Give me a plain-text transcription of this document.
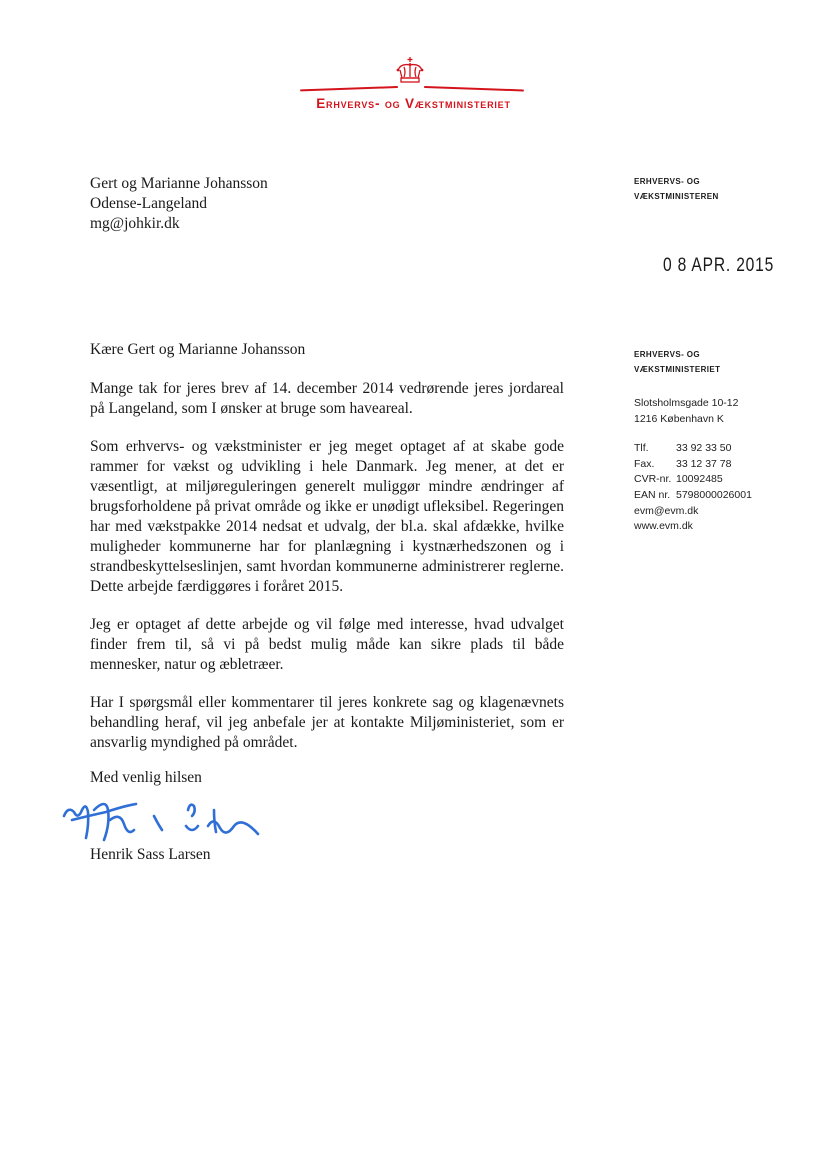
Erhvervs- og Vækstministeriet
Gert og Marianne Johansson
Odense-Langeland
mg@johkir.dk
ERHVERVS- OG
VÆKSTMINISTEREN
0 8 APR. 2015
ERHVERVS- OG
VÆKSTMINISTERIET
Slotsholmsgade 10-12
1216 København K
Tlf.	33 92 33 50
Fax.	33 12 37 78
CVR-nr. 10092485
EAN nr. 5798000026001
evm@evm.dk
www.evm.dk

Kære Gert og Marianne Johansson

Mange tak for jeres brev af 14. december 2014 vedrørende jeres jordareal på Langeland, som I ønsker at bruge som haveareal.

Som erhvervs- og vækstminister er jeg meget optaget af at skabe gode rammer for vækst og udvikling i hele Danmark. Jeg mener, at det er væsentligt, at miljøreguleringen generelt muliggør mindre ændringer af brugsforholdene på privat område og ikke er unødigt ufleksibel. Regeringen har med vækstpakke 2014 nedsat et udvalg, der bl.a. skal afdække, hvilke muligheder kommunerne har for planlægning i kystnærhedszonen og i strandbeskyttelseslinjen, samt hvordan kommunerne administrerer reglerne. Dette arbejde færdiggøres i foråret 2015.

Jeg er optaget af dette arbejde og vil følge med interesse, hvad udvalget finder frem til, så vi på bedst mulig måde kan sikre plads til både mennesker, natur og æbletræer.

Har I spørgsmål eller kommentarer til jeres konkrete sag og klagenævnets behandling heraf, vil jeg anbefale jer at kontakte Miljøministeriet, som er ansvarlig myndighed på området.

Med venlig hilsen
Henrik Sass Larsen
